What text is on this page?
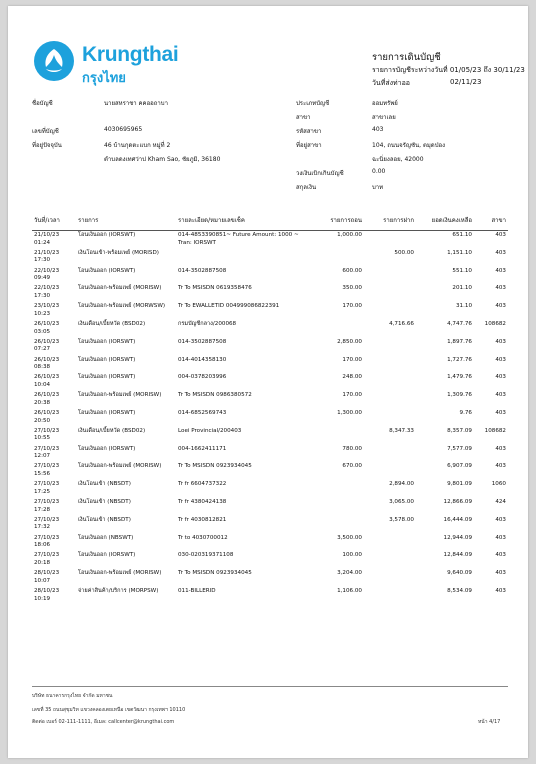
Krungthai
กรุงไทย
รายการเดินบัญชี
รายการบัญชีระหว่างวันที่ 01/05/23 ถึง 30/11/23
วันที่ส่งท่าออ	02/11/23
ชื่อบัญชี	นายสหราชา คคออถาบา
เลขที่บัญชี	4030695965
ที่อยู่ปัจจุบัน	46 บ้านกุดตะแบก หมู่ที่ 2
ตำบลดงเทศว่าป Kham Sao, ชัยภูมิ, 36180
ประเภทบัญชี	ออมทรัพย์
สาขา	สาขาเลย
รหัสสาขา	403
ที่อยู่สาขา	104, ถนนจรัญซัน, ตมุดป่อง
ฉะนิ่ยงลอย, 42000
วงเงินเบิกเกินบัญชี	0.00
สกุลเงิน	บาท
วันที่/เวลา	รายการ	รายละเอียด/หมายเลขเช็ค	รายการถอน	รายการฝาก	ยอดเงินคงเหลือ	สาขา

21/10/23
01:24	โอนเงินออก (IORSWT)	014-4853390851~ Future Amount: 1000 ~ Tran: IORSWT	1,000.00		651.10	403

21/10/23
17:30	เงินโอนเข้า-พร้อมเพย์ (MORISD)			500.00	1,151.10	403

22/10/23
09:49	โอนเงินออก (IORSWT)	014-3502887508	600.00		551.10	403

22/10/23
17:30	โอนเงินออก-พร้อมเพย์ (MORISW)	Tr To MSISDN 0619358476	350.00		201.10	403

23/10/23
10:23	โอนเงินออก-พร้อมเพย์ (MORWSW)	Tr To EWALLETID 004999086822391	170.00		31.10	403

26/10/23
03:05	เงินเดือน/เบี้ยหวัด (BSD02)	กรมบัญชีกลาง/200068		4,716.66	4,747.76	108682

26/10/23
07:27	โอนเงินออก (IORSWT)	014-3502887508	2,850.00		1,897.76	403

26/10/23
08:38	โอนเงินออก (IORSWT)	014-4014358130	170.00		1,727.76	403

26/10/23
10:04	โอนเงินออก (IORSWT)	004-0378203996	248.00		1,479.76	403

26/10/23
20:38	โอนเงินออก-พร้อมเพย์ (MORISW)	Tr To MSISDN 0986380572	170.00		1,309.76	403

26/10/23
20:50	โอนเงินออก (IORSWT)	014-6852569743	1,300.00		9.76	403

27/10/23
10:55	เงินเดือน/เบี้ยหวัด (BSD02)	Loei Provincial/200403		8,347.33	8,357.09	108682

27/10/23
12:07	โอนเงินออก (IORSWT)	004-1662411171	780.00		7,577.09	403

27/10/23
15:56	โอนเงินออก-พร้อมเพย์ (MORISW)	Tr To MSISDN 0923934045	670.00		6,907.09	403

27/10/23
17:25	เงินโอนเข้า (NBSDT)	Tr fr 6604737322		2,894.00	9,801.09	1060

27/10/23
17:28	เงินโอนเข้า (NBSDT)	Tr fr 4380424138		3,065.00	12,866.09	424

27/10/23
17:32	เงินโอนเข้า (NBSDT)	Tr fr 4030812821		3,578.00	16,444.09	403

27/10/23
18:06	โอนเงินออก (NBSWT)	Tr to 4030700012	3,500.00		12,944.09	403

27/10/23
20:18	โอนเงินออก (IORSWT)	030-020319371108	100.00		12,844.09	403

28/10/23
10:07	โอนเงินออก-พร้อมเพย์ (MORISW)	Tr To MSISDN 0923934045	3,204.00		9,640.09	403

28/10/23
10:19	จ่ายค่าสินค้า/บริการ (MORPSW)	011-BILLERID	1,106.00		8,534.09	403
บริษัท ธนาคารกรุงไทย จำกัด มหาชน
เลขที่ 35 ถนนสุขุมวิท แขวงคลองเตยเหนือ เขตวัฒนา กรุงเทพฯ 10110
ติดต่อ เบอร์ 02-111-1111, อีเมล: callcenter@krungthai.com	หน้า 4/17
